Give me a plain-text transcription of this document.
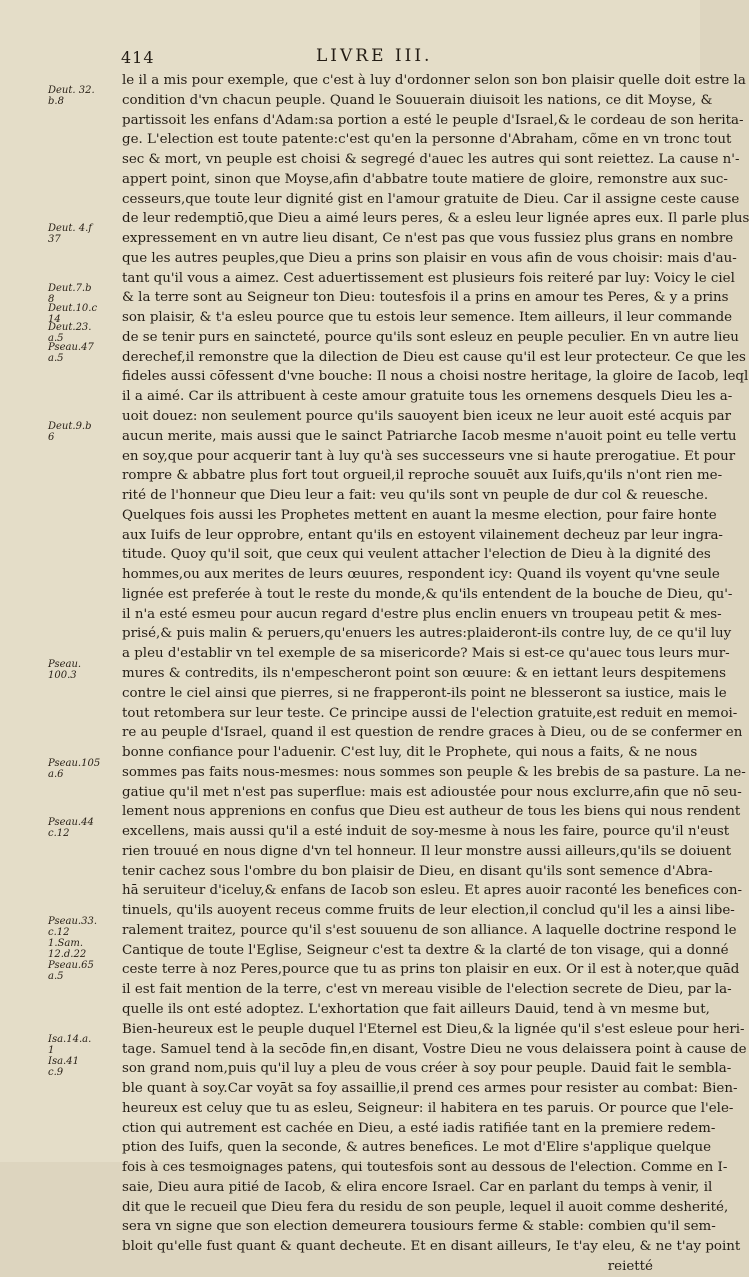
414	LIVRE III.
Deut. 32.
b.8
Deut. 4.f
37
Deut.7.b
8
Deut.10.c
14
Deut.23.
a.5
Pseau.47
a.5
Deut.9.b
6
Pseau.
100.3
Pseau.105
a.6
Pseau.44
c.12
Pseau.33.
c.12
1.Sam.
12.d.22
Pseau.65
a.5
Isa.14.a.
1
Isa.41
c.9
le il a mis pour exemple, que c'est à luy d'ordonner selon son bon plaisir quelle doit estre la
condition d'vn chacun peuple. Quand le Souuerain diuisoit les nations, ce dit Moyse, &
partissoit les enfans d'Adam:sa portion a esté le peuple d'Israel,& le cordeau de son herita-
ge. L'election est toute patente:c'est qu'en la personne d'Abraham, cõme en vn tronc tout
sec & mort, vn peuple est choisi & segregé d'auec les autres qui sont reiettez. La cause n'-
appert point, sinon que Moyse,afin d'abbatre toute matiere de gloire, remonstre aux suc-
cesseurs,que toute leur dignité gist en l'amour gratuite de Dieu. Car il assigne ceste cause
de leur redemptiō,que Dieu a aimé leurs peres, & a esleu leur lignée apres eux. Il parle plus
expressement en vn autre lieu disant, Ce n'est pas que vous fussiez plus grans en nombre
que les autres peuples,que Dieu a prins son plaisir en vous afin de vous choisir: mais d'au-
tant qu'il vous a aimez. Cest aduertissement est plusieurs fois reiteré par luy: Voicy le ciel
& la terre sont au Seigneur ton Dieu: toutesfois il a prins en amour tes Peres, & y a prins
son plaisir, & t'a esleu pource que tu estois leur semence. Item ailleurs, il leur commande
de se tenir purs en saincteté, pource qu'ils sont esleuz en peuple peculier. En vn autre lieu
derechef,il remonstre que la dilection de Dieu est cause qu'il est leur protecteur. Ce que les
fideles aussi cōfessent d'vne bouche: Il nous a choisi nostre heritage, la gloire de Iacob, leql
il a aimé. Car ils attribuent à ceste amour gratuite tous les ornemens desquels Dieu les a-
uoit douez: non seulement pource qu'ils sauoyent bien iceux ne leur auoit esté acquis par
aucun merite, mais aussi que le sainct Patriarche Iacob mesme n'auoit point eu telle vertu
en soy,que pour acquerir tant à luy qu'à ses successeurs vne si haute prerogatiue. Et pour
rompre & abbatre plus fort tout orgueil,il reproche souuēt aux Iuifs,qu'ils n'ont rien me-
rité de l'honneur que Dieu leur a fait: veu qu'ils sont vn peuple de dur col & reuesche.
Quelques fois aussi les Prophetes mettent en auant la mesme election, pour faire honte
aux Iuifs de leur opprobre, entant qu'ils en estoyent vilainement decheuz par leur ingra-
titude. Quoy qu'il soit, que ceux qui veulent attacher l'election de Dieu à la dignité des
hommes,ou aux merites de leurs œuures, respondent icy: Quand ils voyent qu'vne seule
lignée est preferée à tout le reste du monde,& qu'ils entendent de la bouche de Dieu, qu'-
il n'a esté esmeu pour aucun regard d'estre plus enclin enuers vn troupeau petit & mes-
prisé,& puis malin & peruers,qu'enuers les autres:plaideront-ils contre luy, de ce qu'il luy
a pleu d'establir vn tel exemple de sa misericorde? Mais si est-ce qu'auec tous leurs mur-
mures & contredits, ils n'empescheront point son œuure: & en iettant leurs despitemens
contre le ciel ainsi que pierres, si ne frapperont-ils point ne blesseront sa iustice, mais le
tout retombera sur leur teste. Ce principe aussi de l'election gratuite,est reduit en memoi-
re au peuple d'Israel, quand il est question de rendre graces à Dieu, ou de se confermer en
bonne confiance pour l'aduenir. C'est luy, dit le Prophete, qui nous a faits, & ne nous
sommes pas faits nous-mesmes: nous sommes son peuple & les brebis de sa pasture. La ne-
gatiue qu'il met n'est pas superflue: mais est adioustée pour nous exclurre,afin que nō seu-
lement nous apprenions en confus que Dieu est autheur de tous les biens qui nous rendent
excellens, mais aussi qu'il a esté induit de soy-mesme à nous les faire, pource qu'il n'eust
rien trouué en nous digne d'vn tel honneur. Il leur monstre aussi ailleurs,qu'ils se doiuent
tenir cachez sous l'ombre du bon plaisir de Dieu, en disant qu'ils sont semence d'Abra-
hā seruiteur d'iceluy,& enfans de Iacob son esleu. Et apres auoir raconté les benefices con-
tinuels, qu'ils auoyent receus comme fruits de leur election,il conclud qu'il les a ainsi libe-
ralement traitez, pource qu'il s'est souuenu de son alliance. A laquelle doctrine respond le
Cantique de toute l'Eglise, Seigneur c'est ta dextre & la clarté de ton visage, qui a donné
ceste terre à noz Peres,pource que tu as prins ton plaisir en eux. Or il est à noter,que quād
il est fait mention de la terre, c'est vn mereau visible de l'election secrete de Dieu, par la-
quelle ils ont esté adoptez. L'exhortation que fait ailleurs Dauid, tend à vn mesme but,
Bien-heureux est le peuple duquel l'Eternel est Dieu,& la lignée qu'il s'est esleue pour heri-
tage. Samuel tend à la secōde fin,en disant, Vostre Dieu ne vous delaissera point à cause de
son grand nom,puis qu'il luy a pleu de vous créer à soy pour peuple. Dauid fait le sembla-
ble quant à soy.Car voyāt sa foy assaillie,il prend ces armes pour resister au combat: Bien-
heureux est celuy que tu as esleu, Seigneur: il habitera en tes paruis. Or pource que l'ele-
ction qui autrement est cachée en Dieu, a esté iadis ratifiée tant en la premiere redem-
ption des Iuifs, quen la seconde, & autres benefices. Le mot d'Elire s'applique quelque
fois à ces tesmoignages patens, qui toutesfois sont au dessous de l'election. Comme en I-
saie, Dieu aura pitié de Iacob, & elira encore Israel. Car en parlant du temps à venir, il
dit que le recueil que Dieu fera du residu de son peuple, lequel il auoit comme desherité,
sera vn signe que son election demeurera tousiours ferme & stable: combien qu'il sem-
bloit qu'elle fust quant & quant decheute. Et en disant ailleurs, Ie t'ay eleu, & ne t'ay point
reietté
